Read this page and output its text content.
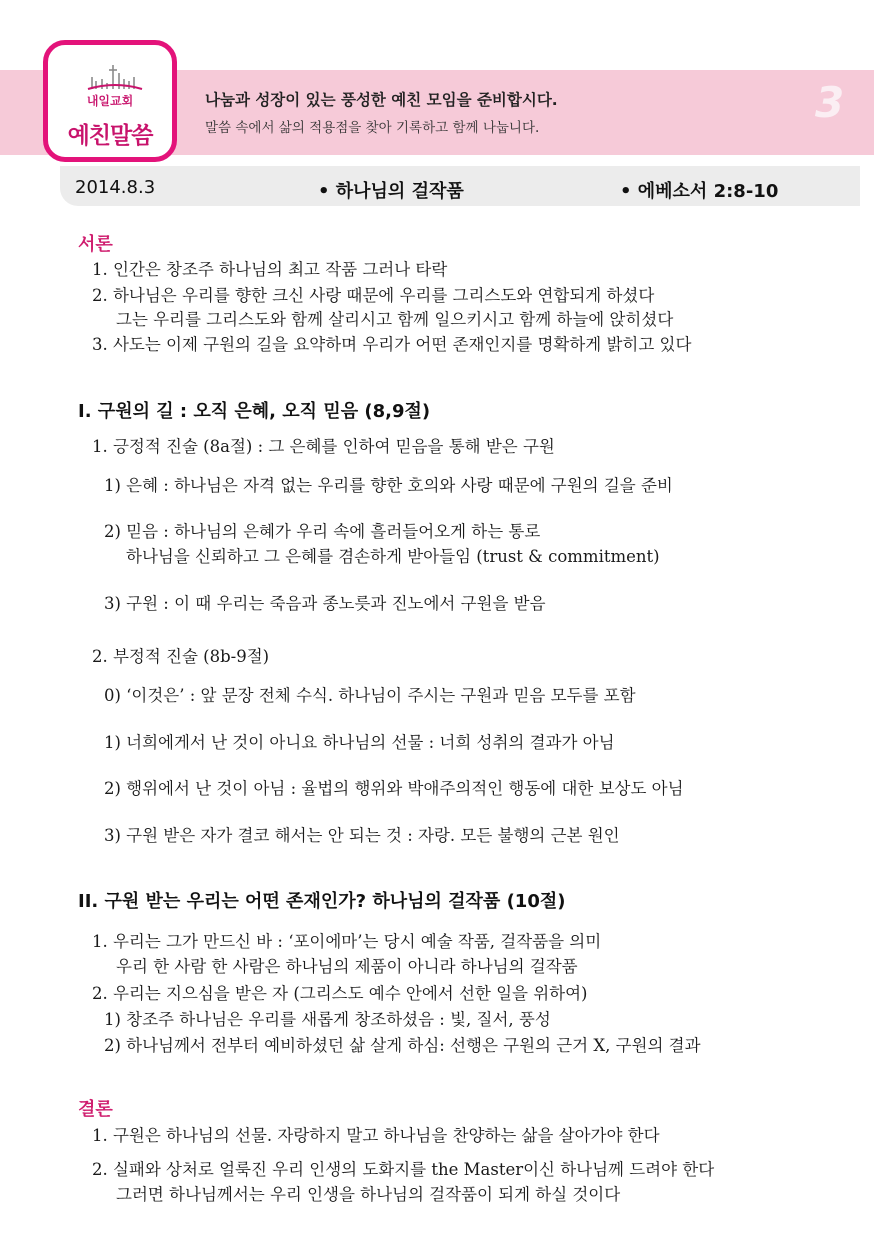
내일교회
예친말씀
나눔과 성장이 있는 풍성한 예친 모임을 준비합시다.
말씀 속에서 삶의 적용점을 찾아 기록하고 함께 나눕니다.
3
2014.8.3	• 하나님의 걸작품	• 에베소서 2:8-10
서론
1. 인간은 창조주 하나님의 최고 작품 그러나 타락
2. 하나님은 우리를 향한 크신 사랑 때문에 우리를 그리스도와 연합되게 하셨다
그는 우리를 그리스도와 함께 살리시고 함께 일으키시고 함께 하늘에 앉히셨다
3. 사도는 이제 구원의 길을 요약하며 우리가 어떤 존재인지를 명확하게 밝히고 있다
I. 구원의 길 : 오직 은혜, 오직 믿음 (8,9절)
1. 긍정적 진술 (8a절) : 그 은혜를 인하여 믿음을 통해 받은 구원
1) 은혜 : 하나님은 자격 없는 우리를 향한 호의와 사랑 때문에 구원의 길을 준비
2) 믿음 : 하나님의 은혜가 우리 속에 흘러들어오게 하는 통로
하나님을 신뢰하고 그 은혜를 겸손하게 받아들임 (trust & commitment)
3) 구원 : 이 때 우리는 죽음과 종노릇과 진노에서 구원을 받음
2. 부정적 진술 (8b-9절)
0) ‘이것은’ : 앞 문장 전체 수식. 하나님이 주시는 구원과 믿음 모두를 포함
1) 너희에게서 난 것이 아니요 하나님의 선물 : 너희 성취의 결과가 아님
2) 행위에서 난 것이 아님 : 율법의 행위와 박애주의적인 행동에 대한 보상도 아님
3) 구원 받은 자가 결코 해서는 안 되는 것 : 자랑. 모든 불행의 근본 원인
II. 구원 받는 우리는 어떤 존재인가? 하나님의 걸작품 (10절)
1. 우리는 그가 만드신 바 : ‘포이에마’는 당시 예술 작품, 걸작품을 의미
우리 한 사람 한 사람은 하나님의 제품이 아니라 하나님의 걸작품
2. 우리는 지으심을 받은 자 (그리스도 예수 안에서 선한 일을 위하여)
1) 창조주 하나님은 우리를 새롭게 창조하셨음 : 빛, 질서, 풍성
2) 하나님께서 전부터 예비하셨던 삶 살게 하심: 선행은 구원의 근거 X, 구원의 결과
결론
1. 구원은 하나님의 선물. 자랑하지 말고 하나님을 찬양하는 삶을 살아가야 한다
2. 실패와 상처로 얼룩진 우리 인생의 도화지를 the Master이신 하나님께 드려야 한다
그러면 하나님께서는 우리 인생을 하나님의 걸작품이 되게 하실 것이다
